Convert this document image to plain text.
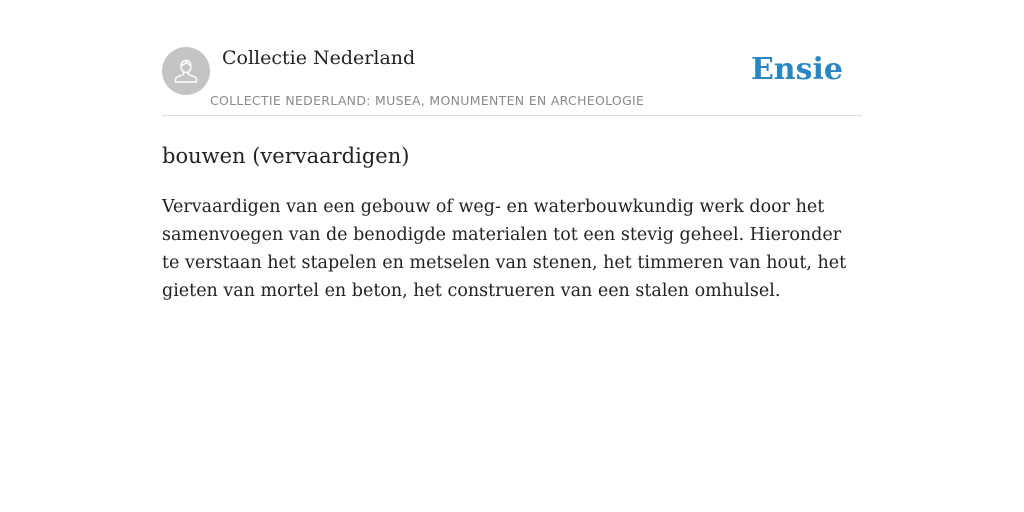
Collectie Nederland
COLLECTIE NEDERLAND: MUSEA, MONUMENTEN EN ARCHEOLOGIE
Ensie
bouwen (vervaardigen)

Vervaardigen van een gebouw of weg- en waterbouwkundig werk door het samenvoegen van de benodigde materialen tot een stevig geheel. Hieronder te verstaan het stapelen en metselen van stenen, het timmeren van hout, het gieten van mortel en beton, het construeren van een stalen omhulsel.
